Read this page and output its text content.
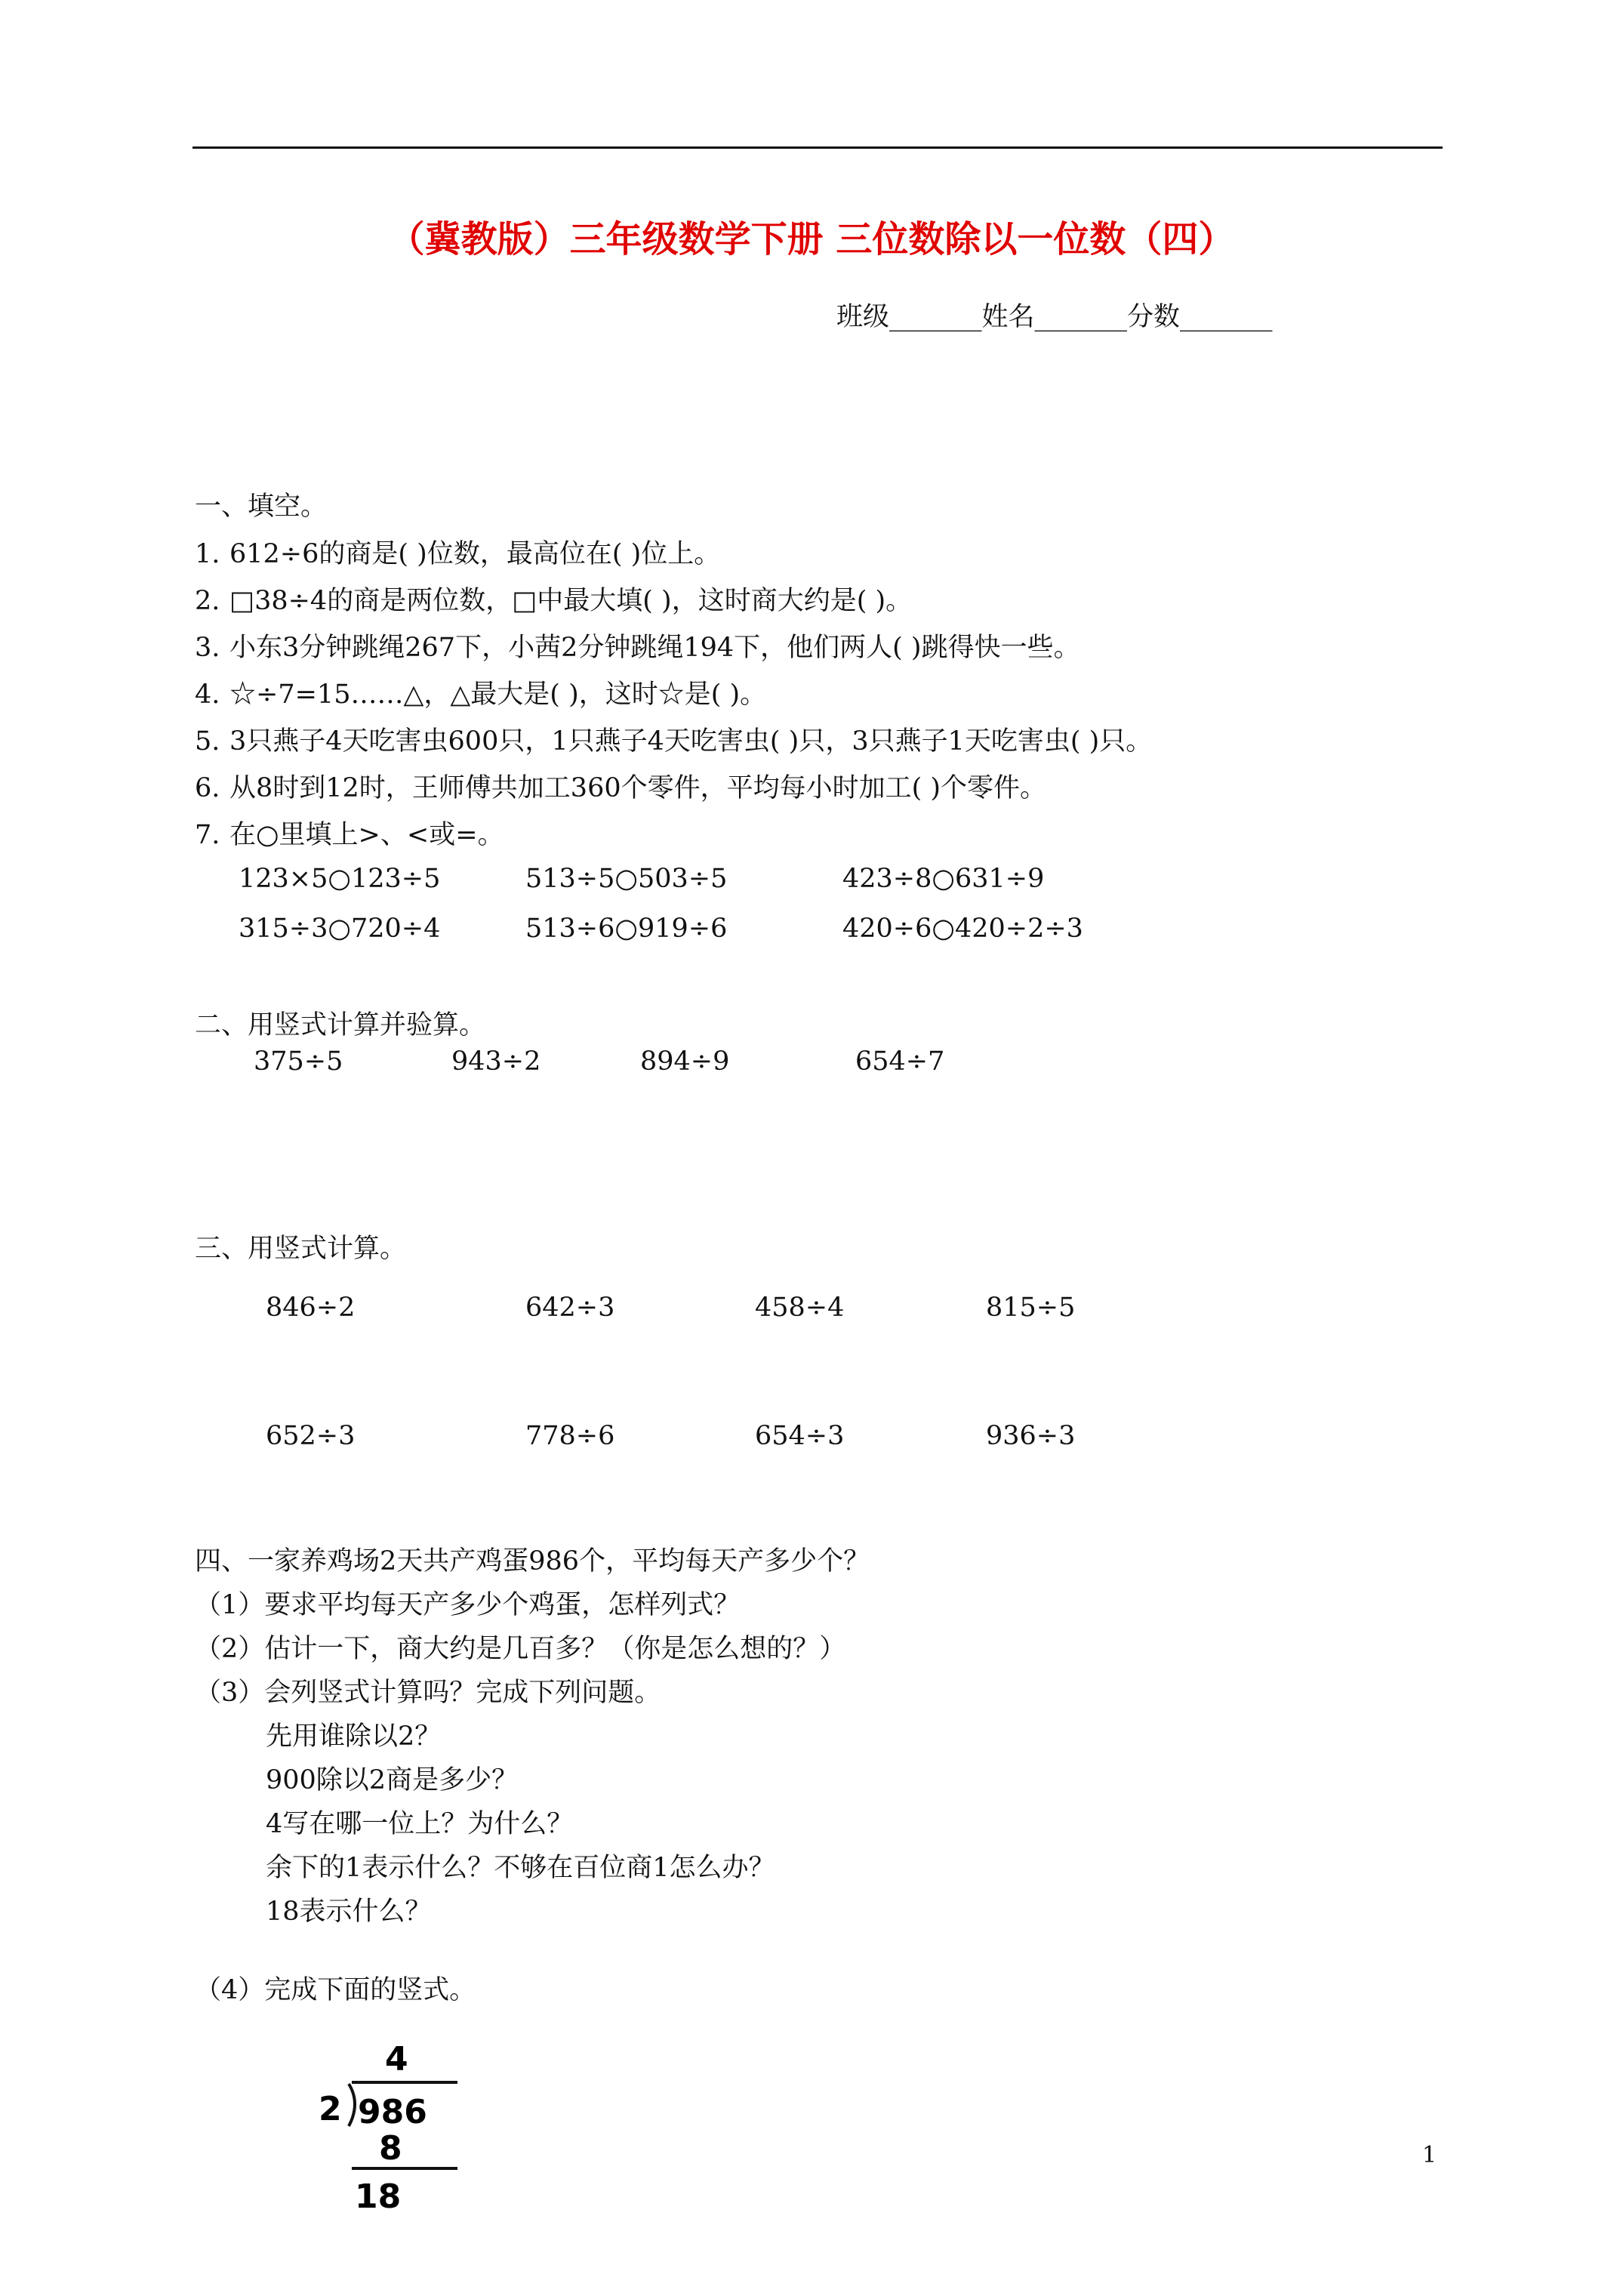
（冀教版）三年级数学下册 三位数除以一位数（四）
班级_______姓名_______分数_______
一、填空。
1. 612÷6的商是( )位数，最高位在( )位上。
2. □38÷4的商是两位数，□中最大填( )，这时商大约是( )。
3. 小东3分钟跳绳267下，小茜2分钟跳绳194下，他们两人( )跳得快一些。
4. ☆÷7=15……△，△最大是( )，这时☆是( )。
5. 3只燕子4天吃害虫600只，1只燕子4天吃害虫( )只，3只燕子1天吃害虫( )只。
6. 从8时到12时，王师傅共加工360个零件，平均每小时加工( )个零件。
7. 在○里填上>、<或=。
123×5○123÷5	513÷5○503÷5	423÷8○631÷9
315÷3○720÷4	513÷6○919÷6	420÷6○420÷2÷3
二、用竖式计算并验算。
375÷5	943÷2	894÷9	654÷7
三、用竖式计算。
846÷2	642÷3	458÷4	815÷5
652÷3	778÷6	654÷3	936÷3
四、一家养鸡场2天共产鸡蛋986个，平均每天产多少个？
（1）要求平均每天产多少个鸡蛋，怎样列式？
（2）估计一下，商大约是几百多？（你是怎么想的？）
（3）会列竖式计算吗？完成下列问题。
先用谁除以2？
900除以2商是多少？
4写在哪一位上？为什么？
余下的1表示什么？不够在百位商1怎么办？
18表示什么？
（4）完成下面的竖式。
4
2 986
8
18
1
